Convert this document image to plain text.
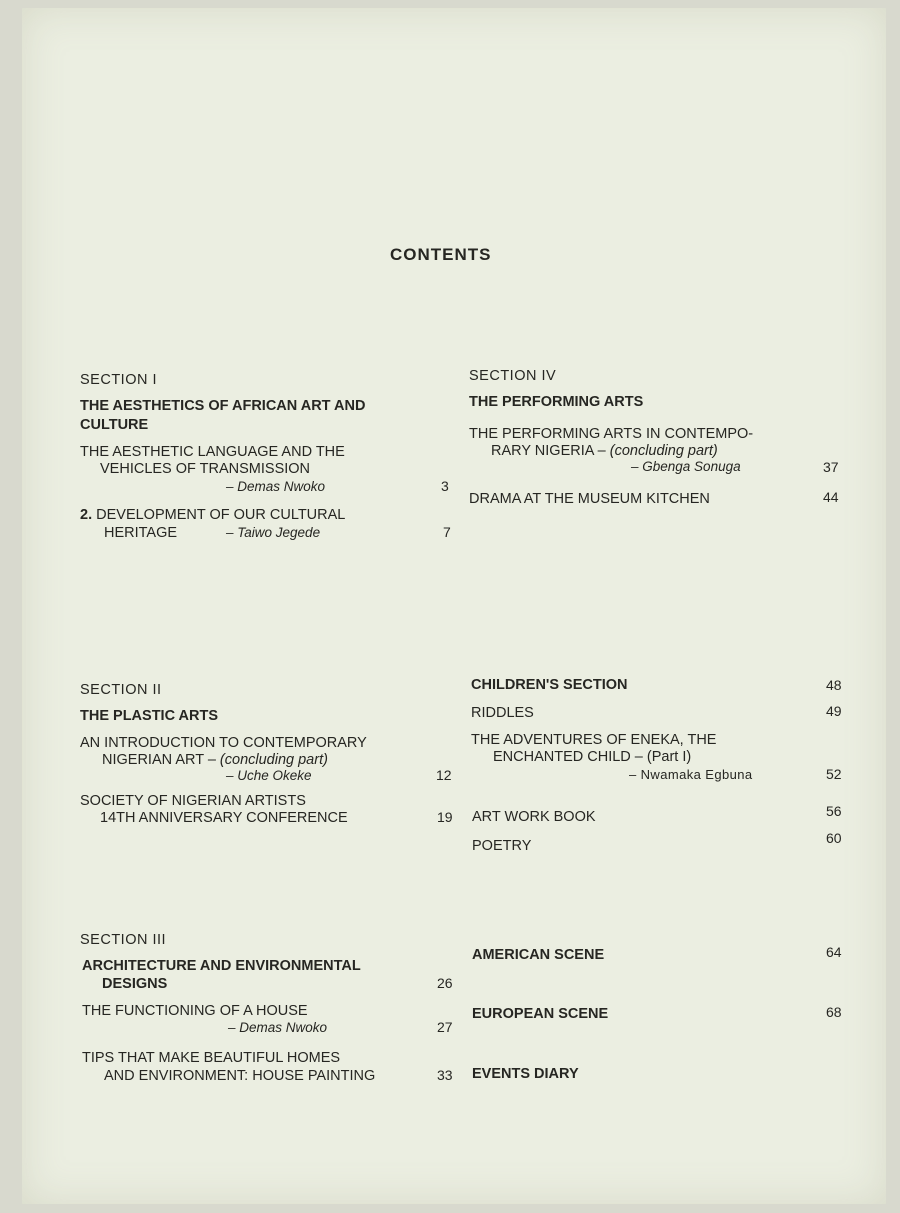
CONTENTS
SECTION I
THE AESTHETICS OF AFRICAN ART AND
CULTURE
THE AESTHETIC LANGUAGE AND THE
VEHICLES OF TRANSMISSION
– Demas Nwoko	3
2. DEVELOPMENT OF OUR CULTURAL
HERITAGE	– Taiwo Jegede	7
SECTION II
THE PLASTIC ARTS
AN INTRODUCTION TO CONTEMPORARY
NIGERIAN ART – (concluding part)
– Uche Okeke	12
SOCIETY OF NIGERIAN ARTISTS
14TH ANNIVERSARY CONFERENCE	19
SECTION III
ARCHITECTURE AND ENVIRONMENTAL
DESIGNS	26
THE FUNCTIONING OF A HOUSE
– Demas Nwoko	27
TIPS THAT MAKE BEAUTIFUL HOMES
AND ENVIRONMENT: HOUSE PAINTING	33
SECTION IV
THE PERFORMING ARTS
THE PERFORMING ARTS IN CONTEMPO-
RARY NIGERIA – (concluding part)
– Gbenga Sonuga	37
DRAMA AT THE MUSEUM KITCHEN	44
CHILDREN'S SECTION	48
RIDDLES	49
THE ADVENTURES OF ENEKA, THE
ENCHANTED CHILD – (Part I)
– Nwamaka Egbuna	52
ART WORK BOOK	56
POETRY	60
AMERICAN SCENE	64
EUROPEAN SCENE	68
EVENTS DIARY
